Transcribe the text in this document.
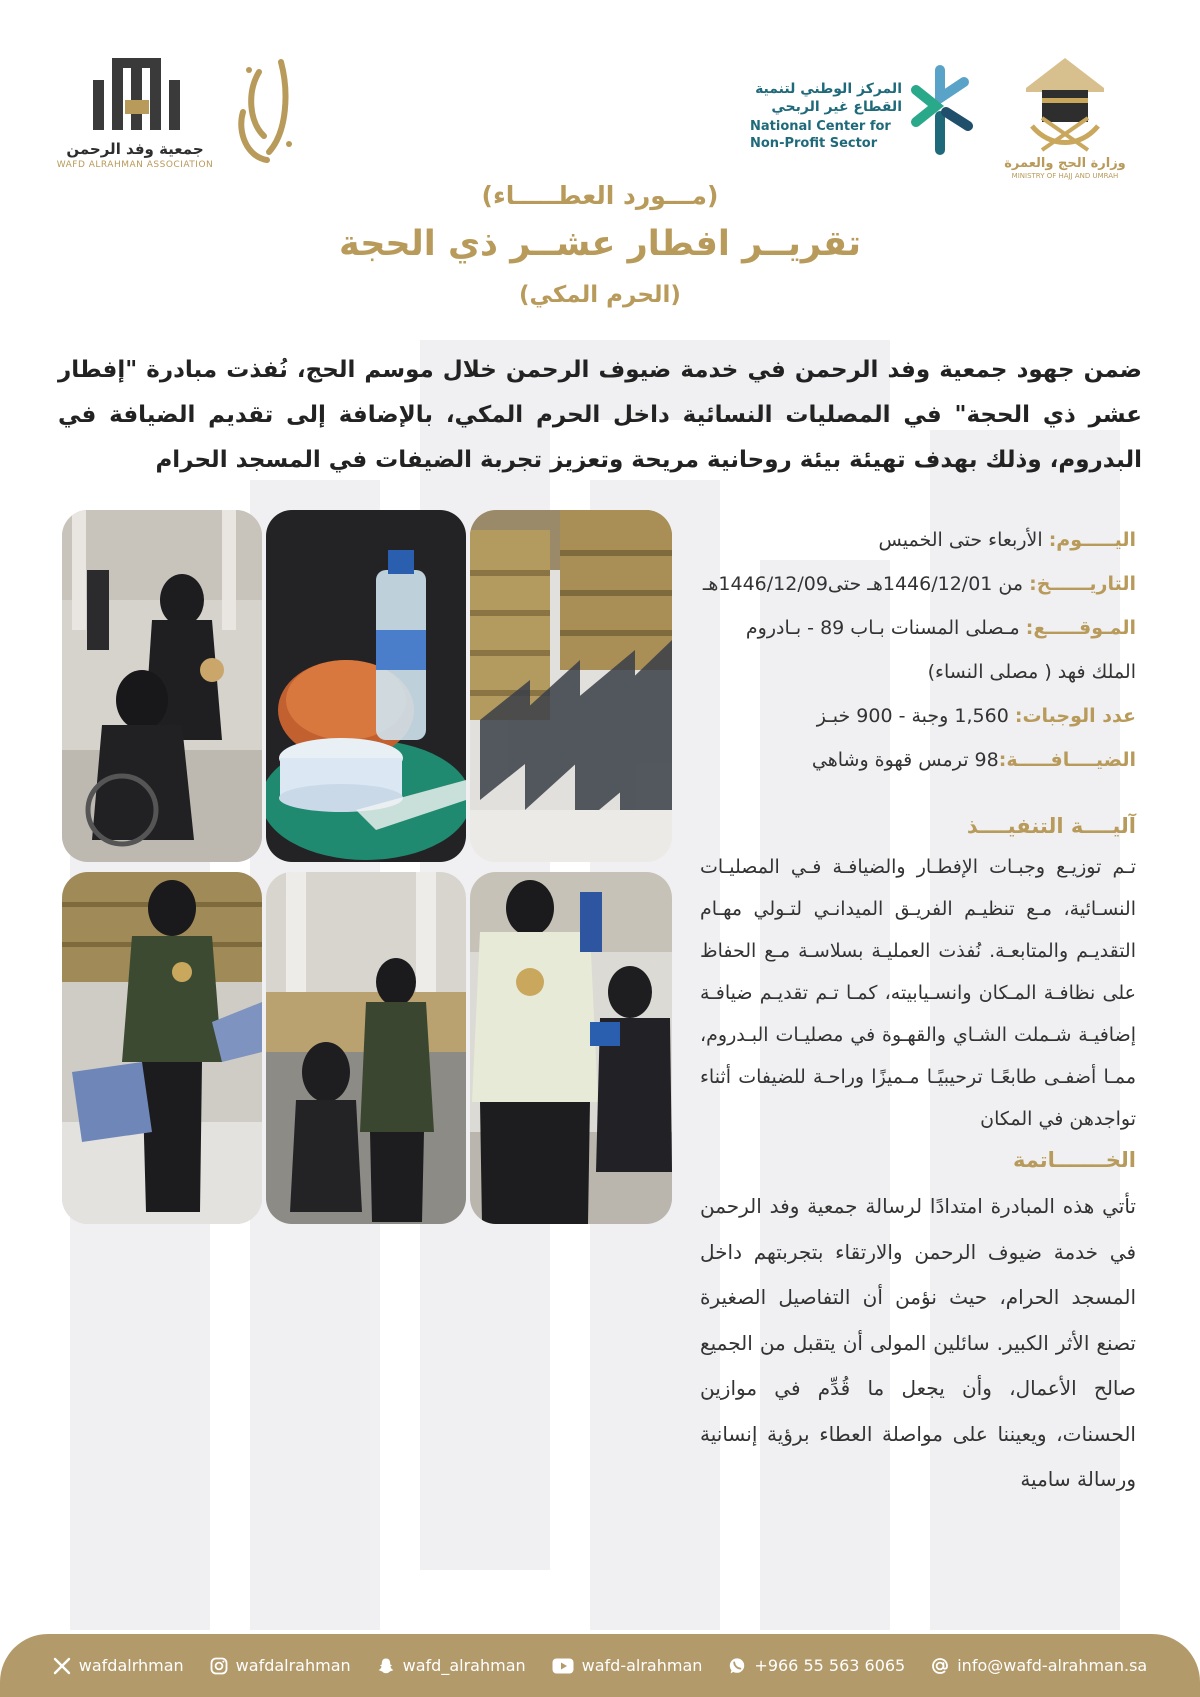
جمعية وفد الرحمن
WAFD ALRAHMAN ASSOCIATION
المركز الوطني لتنمية
القطاع غير الربحي
National Center for
Non-Profit Sector
وزارة الحج والعمرة
MINISTRY OF HAJJ AND UMRAH
(مـــورد العطـــــاء)
تقريــر افطار عشــر ذي الحجة
(الحرم المكي)
ضمن جهود جمعية وفد الرحمن في خدمة ضيوف الرحمن خلال موسم الحج، نُفذت مبادرة "إفطار عشر ذي الحجة" في المصليات النسائية داخل الحرم المكي، بالإضافة إلى تقديم الضيافة في البدروم، وذلك بهدف تهيئة بيئة روحانية مريحة وتعزيز تجربة الضيفات في المسجد الحرام
اليـــــوم: الأربعاء حتى الخميس
التاريــــــخ: من 1446/12/01هـ حتى1446/12/09هـ
المـوقـــــع: مـصلى المسنات بـاب 89 - بـادروم
الملك فهد ( مصلى النساء)
عدد الوجبات: 1,560 وجبة - 900 خبـز
الضيــــافـــــة:98 ترمس قهوة وشاهي
آليــــة التنفيــــذ
تـم توزيـع وجبـات الإفطـار والضيافـة فـي المصليـات النسـائية، مـع تنظيـم الفريـق الميدانـي لتـولي مهـام التقديـم والمتابعـة. نُفذت العمليـة بسلاسـة مـع الحفاظ على نظافـة المـكان وانسـيابيته، كمـا تـم تقديـم ضيافـة إضافيـة شـملت الشـاي والقهـوة في مصليـات البـدروم، ممـا أضفـى طابعًـا ترحيبيًـا مـميزًا وراحـة للضيفات أثناء تواجدهن في المكان
الخـــــــاتمة
تأتي هذه المبادرة امتدادًا لرسالة جمعية وفد الرحمن في خدمة ضيوف الرحمن والارتقاء بتجربتهم داخل المسجد الحرام، حيث نؤمن أن التفاصيل الصغيرة تصنع الأثر الكبير. سائلين المولى أن يتقبل من الجميع صالح الأعمال، وأن يجعل ما قُدِّم في موازين الحسنات، ويعيننا على مواصلة العطاء برؤية إنسانية ورسالة سامية
wafdalrhman	wafdalrahman	wafd_alrahman	wafd-alrahman	+966 55 563 6065	info@wafd-alrahman.sa
